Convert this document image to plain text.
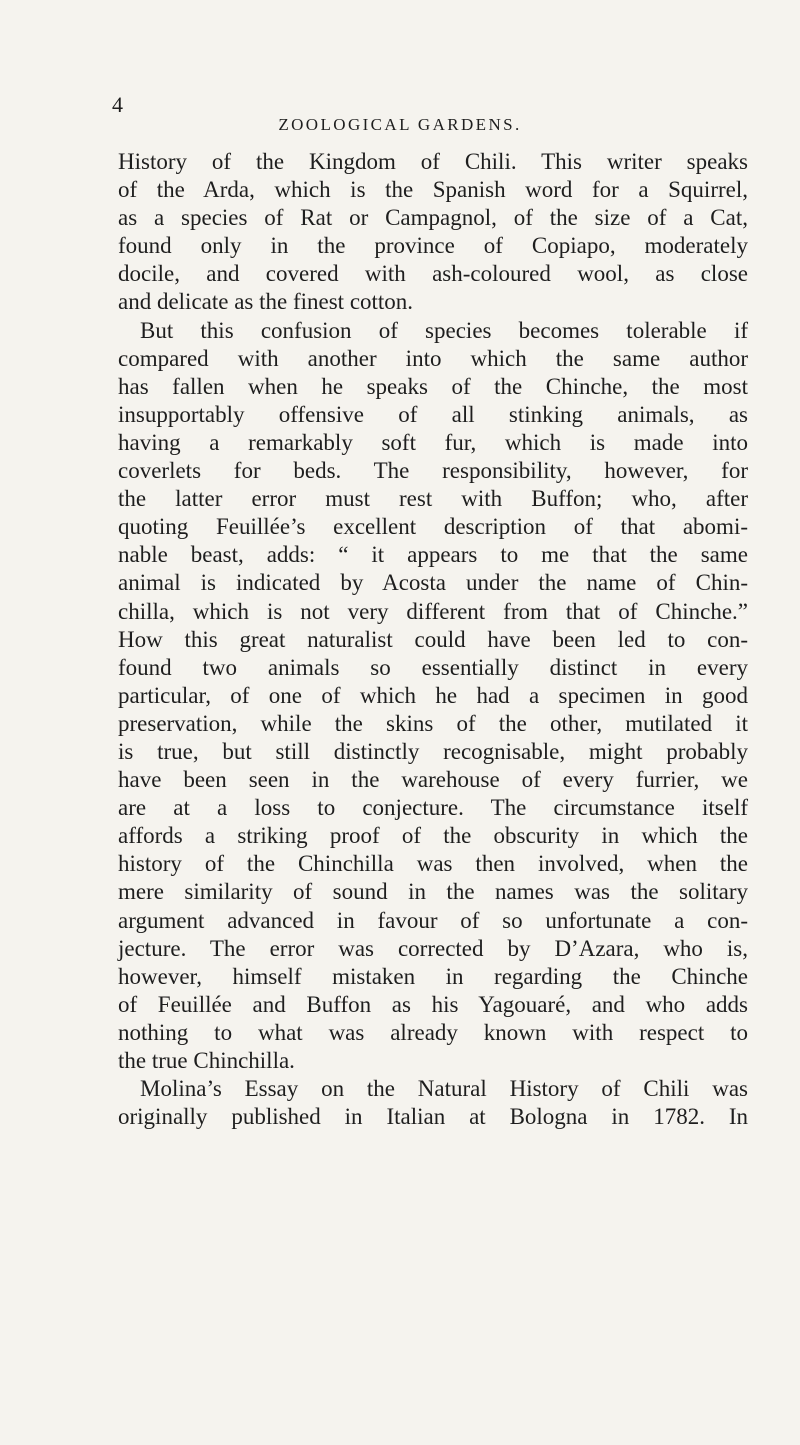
4
ZOOLOGICAL GARDENS.
History of the Kingdom of Chili. This writer speaks
of the Arda, which is the Spanish word for a Squirrel,
as a species of Rat or Campagnol, of the size of a Cat,
found only in the province of Copiapo, moderately
docile, and covered with ash-coloured wool, as close
and delicate as the finest cotton.
But this confusion of species becomes tolerable if
compared with another into which the same author
has fallen when he speaks of the Chinche, the most
insupportably offensive of all stinking animals, as
having a remarkably soft fur, which is made into
coverlets for beds. The responsibility, however, for
the latter error must rest with Buffon; who, after
quoting Feuillée’s excellent description of that abomi-
nable beast, adds: “ it appears to me that the same
animal is indicated by Acosta under the name of Chin-
chilla, which is not very different from that of Chinche.”
How this great naturalist could have been led to con-
found two animals so essentially distinct in every
particular, of one of which he had a specimen in good
preservation, while the skins of the other, mutilated it
is true, but still distinctly recognisable, might probably
have been seen in the warehouse of every furrier, we
are at a loss to conjecture. The circumstance itself
affords a striking proof of the obscurity in which the
history of the Chinchilla was then involved, when the
mere similarity of sound in the names was the solitary
argument advanced in favour of so unfortunate a con-
jecture. The error was corrected by D’Azara, who is,
however, himself mistaken in regarding the Chinche
of Feuillée and Buffon as his Yagouaré, and who adds
nothing to what was already known with respect to
the true Chinchilla.
Molina’s Essay on the Natural History of Chili was
originally published in Italian at Bologna in 1782. In
